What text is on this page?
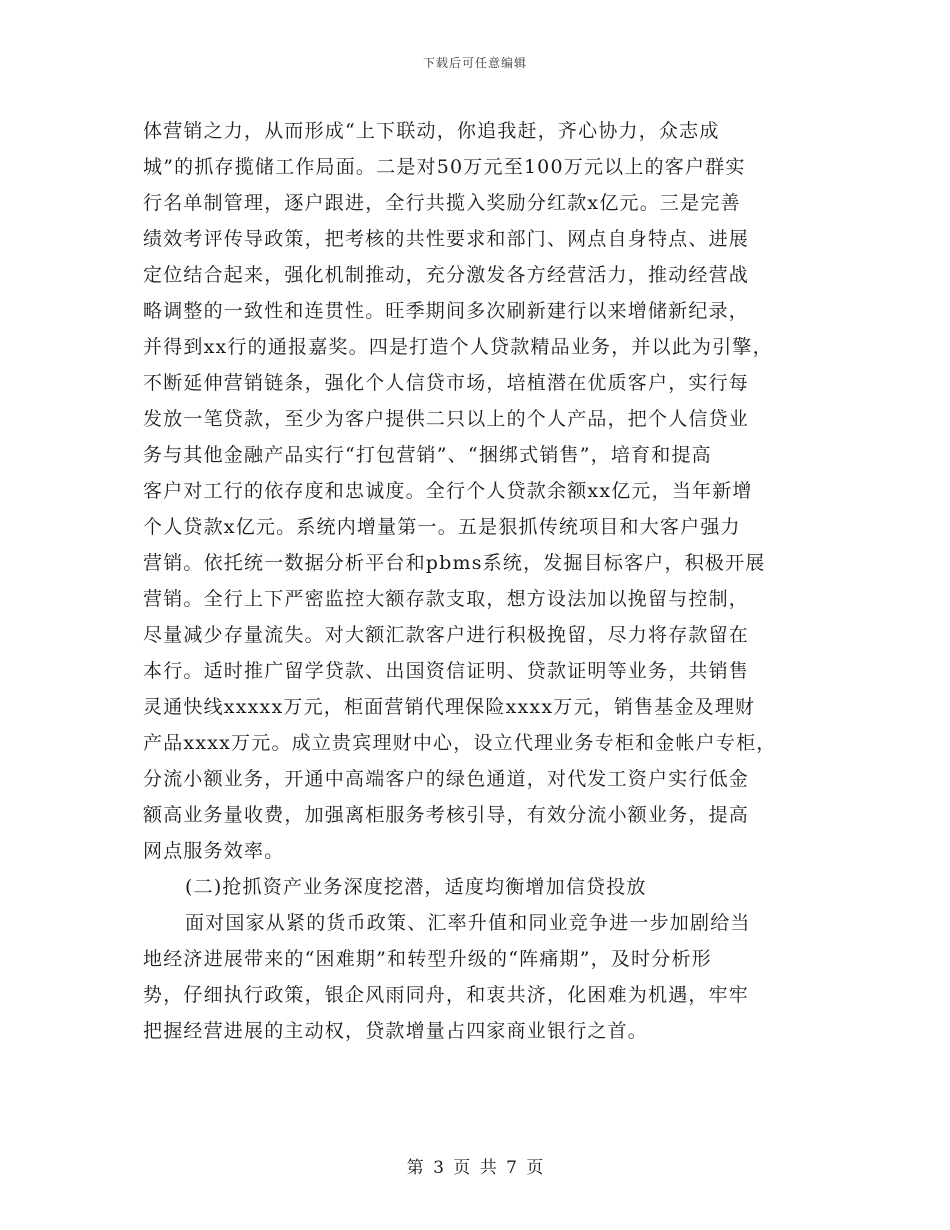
下载后可任意编辑
体营销之力，从而形成“上下联动，你追我赶，齐心协力，众志成
城”的抓存揽储工作局面。二是对50万元至100万元以上的客户群实
行名单制管理，逐户跟进，全行共揽入奖励分红款x亿元。三是完善
绩效考评传导政策，把考核的共性要求和部门、网点自身特点、进展
定位结合起来，强化机制推动，充分激发各方经营活力，推动经营战
略调整的一致性和连贯性。旺季期间多次刷新建行以来增储新纪录，
并得到xx行的通报嘉奖。四是打造个人贷款精品业务，并以此为引擎，
不断延伸营销链条，强化个人信贷市场，培植潜在优质客户，实行每
发放一笔贷款，至少为客户提供二只以上的个人产品，把个人信贷业
务与其他金融产品实行“打包营销”、“捆绑式销售”，培育和提高
客户对工行的依存度和忠诚度。全行个人贷款余额xx亿元，当年新增
个人贷款x亿元。系统内增量第一。五是狠抓传统项目和大客户强力
营销。依托统一数据分析平台和pbms系统，发掘目标客户，积极开展
营销。全行上下严密监控大额存款支取，想方设法加以挽留与控制，
尽量减少存量流失。对大额汇款客户进行积极挽留，尽力将存款留在
本行。适时推广留学贷款、出国资信证明、贷款证明等业务，共销售
灵通快线xxxxx万元，柜面营销代理保险xxxx万元，销售基金及理财
产品xxxx万元。成立贵宾理财中心，设立代理业务专柜和金帐户专柜，
分流小额业务，开通中高端客户的绿色通道，对代发工资户实行低金
额高业务量收费，加强离柜服务考核引导，有效分流小额业务，提高
网点服务效率。
(二)抢抓资产业务深度挖潜，适度均衡增加信贷投放
面对国家从紧的货币政策、汇率升值和同业竞争进一步加剧给当
地经济进展带来的“困难期”和转型升级的“阵痛期”，及时分析形
势，仔细执行政策，银企风雨同舟，和衷共济，化困难为机遇，牢牢
把握经营进展的主动权，贷款增量占四家商业银行之首。
第 3 页 共 7 页
